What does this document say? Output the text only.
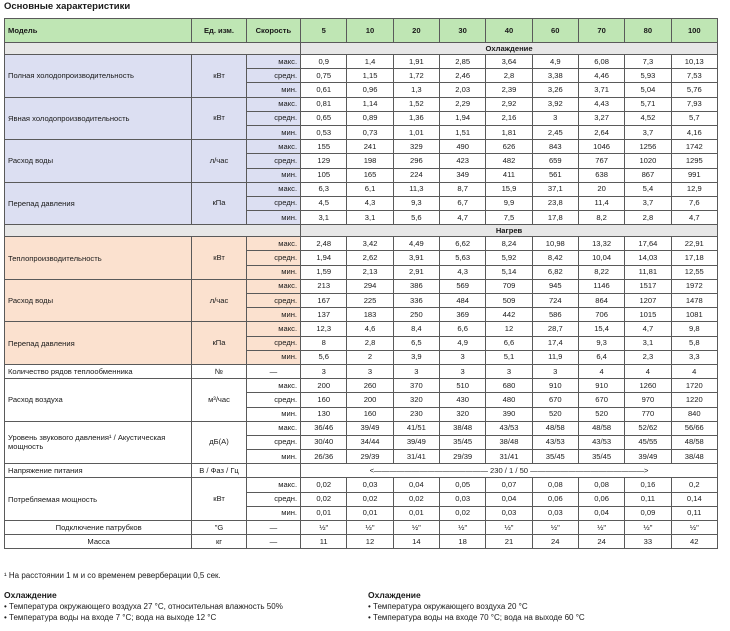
Основные характеристики
Модель	Ед. изм.	Скорость	5	10	20	30	40	60	70	80	100
			Охлаждение								
Полная холодопроизводительность	кВт	макс.	0,9	1,4	1,91	2,85	3,64	4,9	6,08	7,3	10,13
		средн.	0,75	1,15	1,72	2,46	2,8	3,38	4,46	5,93	7,53
		мин.	0,61	0,96	1,3	2,03	2,39	3,26	3,71	5,04	5,76
Явная холодопроизводительность	кВт	макс.	0,81	1,14	1,52	2,29	2,92	3,92	4,43	5,71	7,93
		средн.	0,65	0,89	1,36	1,94	2,16	3	3,27	4,52	5,7
		мин.	0,53	0,73	1,01	1,51	1,81	2,45	2,64	3,7	4,16
Расход воды	л/час	макс.	155	241	329	490	626	843	1046	1256	1742
		средн.	129	198	296	423	482	659	767	1020	1295
		мин.	105	165	224	349	411	561	638	867	991
Перепад давления	кПа	макс.	6,3	6,1	11,3	8,7	15,9	37,1	20	5,4	12,9
		средн.	4,5	4,3	9,3	6,7	9,9	23,8	11,4	3,7	7,6
		мин.	3,1	3,1	5,6	4,7	7,5	17,8	8,2	2,8	4,7
			Нагрев								
Теплопроизводительность	кВт	макс.	2,48	3,42	4,49	6,62	8,24	10,98	13,32	17,64	22,91
		средн.	1,94	2,62	3,91	5,63	5,92	8,42	10,04	14,03	17,18
		мин.	1,59	2,13	2,91	4,3	5,14	6,82	8,22	11,81	12,55
Расход воды	л/час	макс.	213	294	386	569	709	945	1146	1517	1972
		средн.	167	225	336	484	509	724	864	1207	1478
		мин.	137	183	250	369	442	586	706	1015	1081
Перепад давления	кПа	макс.	12,3	4,6	8,4	6,6	12	28,7	15,4	4,7	9,8
		средн.	8	2,8	6,5	4,9	6,6	17,4	9,3	3,1	5,8
		мин.	5,6	2	3,9	3	5,1	11,9	6,4	2,3	3,3
Количество рядов теплообменника	№	—	3	3	3	3	3	3	4	4	4
Расход воздуха	м³/час	макс.	200	260	370	510	680	910	910	1260	1720
		средн.	160	200	320	430	480	670	670	970	1220
		мин.	130	160	230	320	390	520	520	770	840
Уровень звукового давления¹ / Акустическая мощность	дБ(А)	макс.	36/46	39/49	41/51	38/48	43/53	48/58	48/58	52/62	56/66
		средн.	30/40	34/44	39/49	35/45	38/48	43/53	43/53	45/55	48/58
		мин.	26/36	29/39	31/41	29/39	31/41	35/45	35/45	39/49	38/48
Напряжение питания	В / Фаз / Гц		<——————————————— 230 / 1 / 50 ———————————————>								
Потребляемая мощность	кВт	макс.	0,02	0,03	0,04	0,05	0,07	0,08	0,08	0,16	0,2
		средн.	0,02	0,02	0,02	0,03	0,04	0,06	0,06	0,11	0,14
		мин.	0,01	0,01	0,01	0,02	0,03	0,03	0,04	0,09	0,11
Подключение патрубков	"G	—	½"	½"	½"	½"	½"	½"	½"	½"	½"
Масса	кг	—	11	12	14	18	21	24	24	33	42
¹ На расстоянии 1 м и со временем реверберации 0,5 сек.
Охлаждение
• Температура окружающего воздуха 27 °C, относительная влажность 50%
• Температура воды на входе 7 °C; вода на выходе 12 °C
Охлаждение
• Температура окружающего воздуха 20 °C
• Температура воды на входе 70 °C; вода на выходе 60 °C
